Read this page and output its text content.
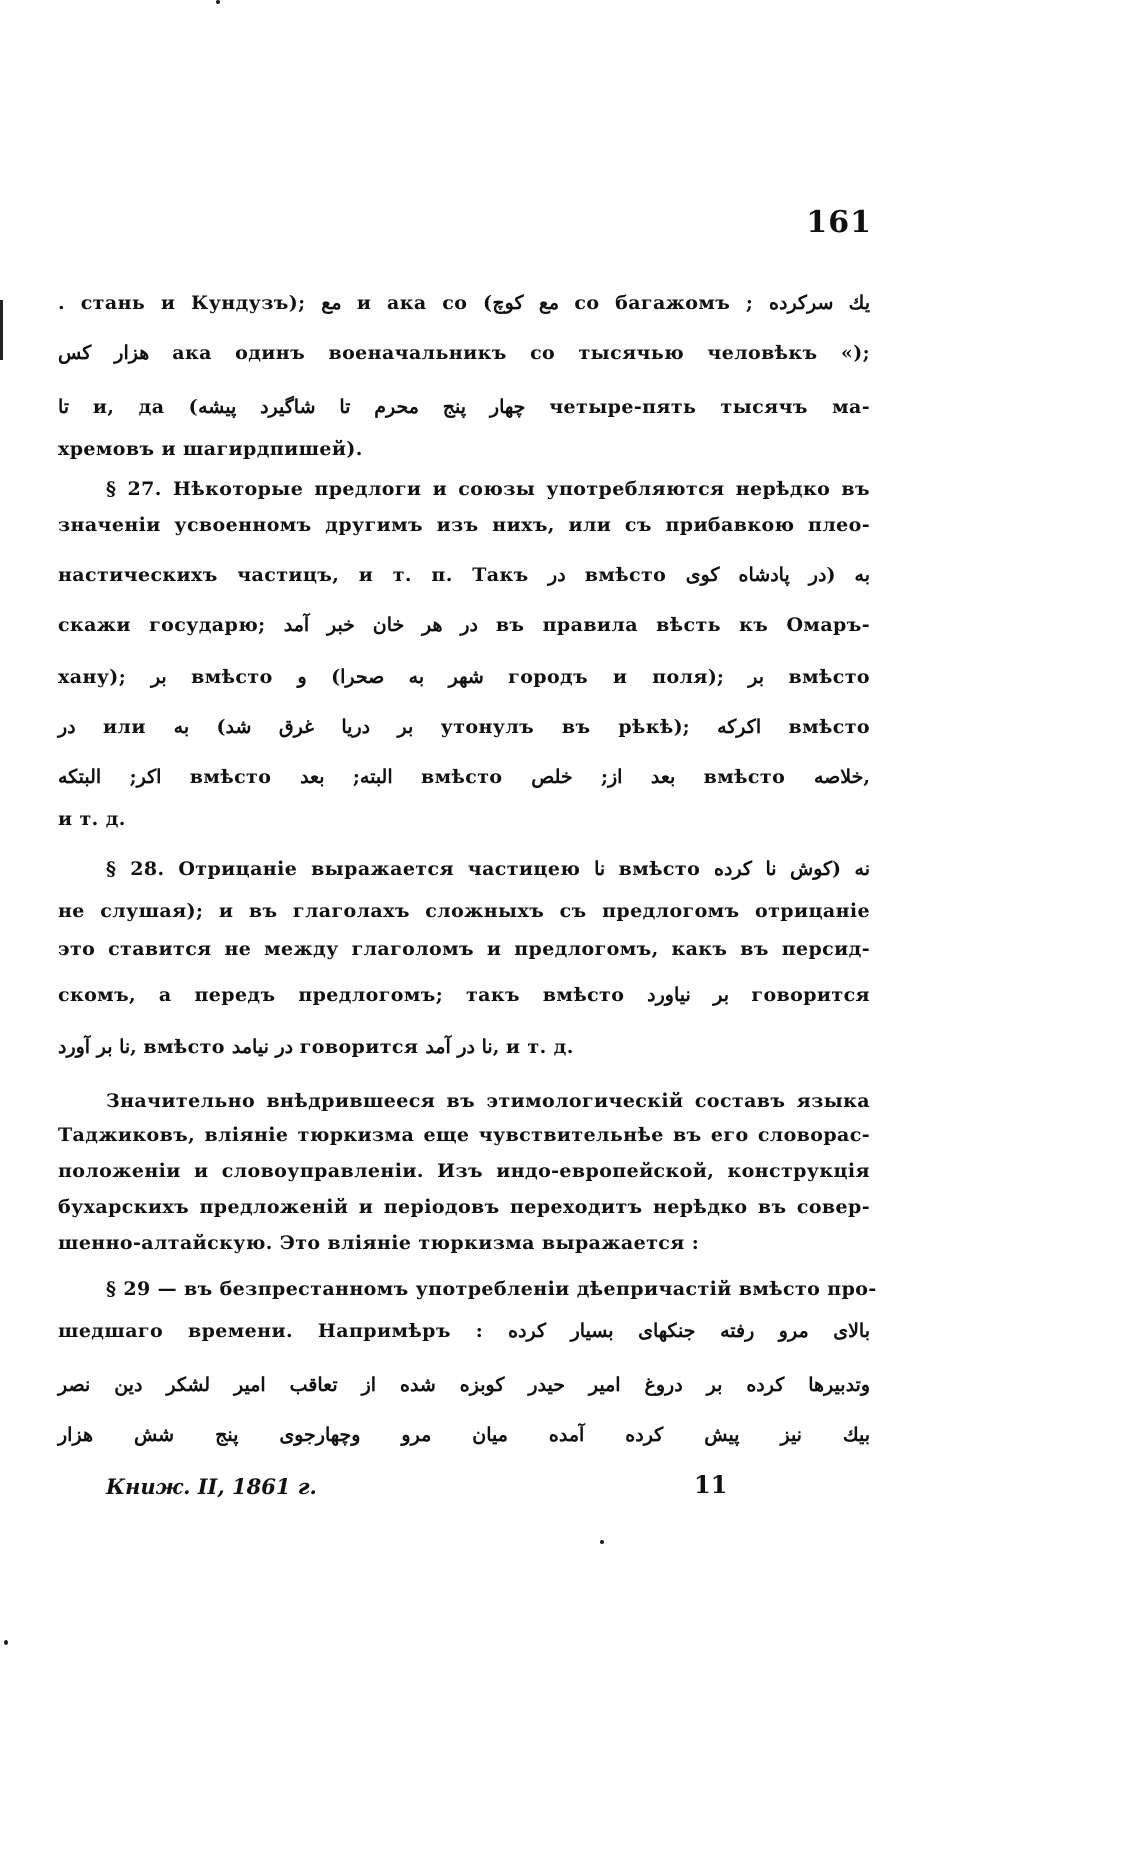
161
. стань и Кундузъ); مع и ака со (مع کوچ со багажомъ ; یك سرکرده
هزار کس ака одинъ военачальникъ со тысячью человѣкъ «);
تا и, да (چهار پنج محرم تا شاگیرد پیشه четыре-пять тысячъ ма-
хремовъ и шагирдпишей).
§ 27. Нѣкоторые предлоги и союзы употребляются нерѣдко въ
значеніи усвоенномъ другимъ изъ нихъ, или съ прибавкою плео-
настическихъ частицъ, и т. п. Такъ در вмѣсто به (در پادشاه کوی
скажи государю; در هر خان خبر آمد въ правила вѣсть къ Омаръ-
хану); بر вмѣсто و (شهر به صحرا городъ и поля); بر вмѣсто
در или به (بر دریا غرق شد утонулъ въ рѣкѣ); اکرکه вмѣсто
اکر; البتکه вмѣсто البته; بعد вмѣсто بعد از; خلص вмѣсто خلاصه,
и т. д.
§ 28. Отрицаніе выражается частицею نا вмѣсто نه (کوش نا کرده
не слушая); и въ глаголахъ сложныхъ съ предлогомъ отрицаніе
это ставится не между глаголомъ и предлогомъ, какъ въ персид-
скомъ, а передъ предлогомъ; такъ вмѣсто بر نیاورد говорится
نا بر آورد, вмѣсто در نیامد говорится نا در آمد, и т. д.
Значительно внѣдрившееся въ этимологическій составъ языка
Таджиковъ, вліяніе тюркизма еще чувствительнѣе въ его словорас-
положеніи и словоуправленіи. Изъ индо-европейской, конструкція
бухарскихъ предложеній и періодовъ переходитъ нерѣдко въ совер-
шенно-алтайскую. Это вліяніе тюркизма выражается :
§ 29 — въ безпрестанномъ употребленіи дѣепричастій вмѣсто про-
шедшаго времени. Напримѣръ : بالای مرو رفته جنکهای بسیار کرده
وتدبیرها کرده بر دروغ امیر حیدر کوبزه شده از تعاقب امیر لشکر دین نصر
بیك نیز پیش کرده آمده میان مرو وچهارجوی پنج شش هزار
Книж. II, 1861 г.	11
